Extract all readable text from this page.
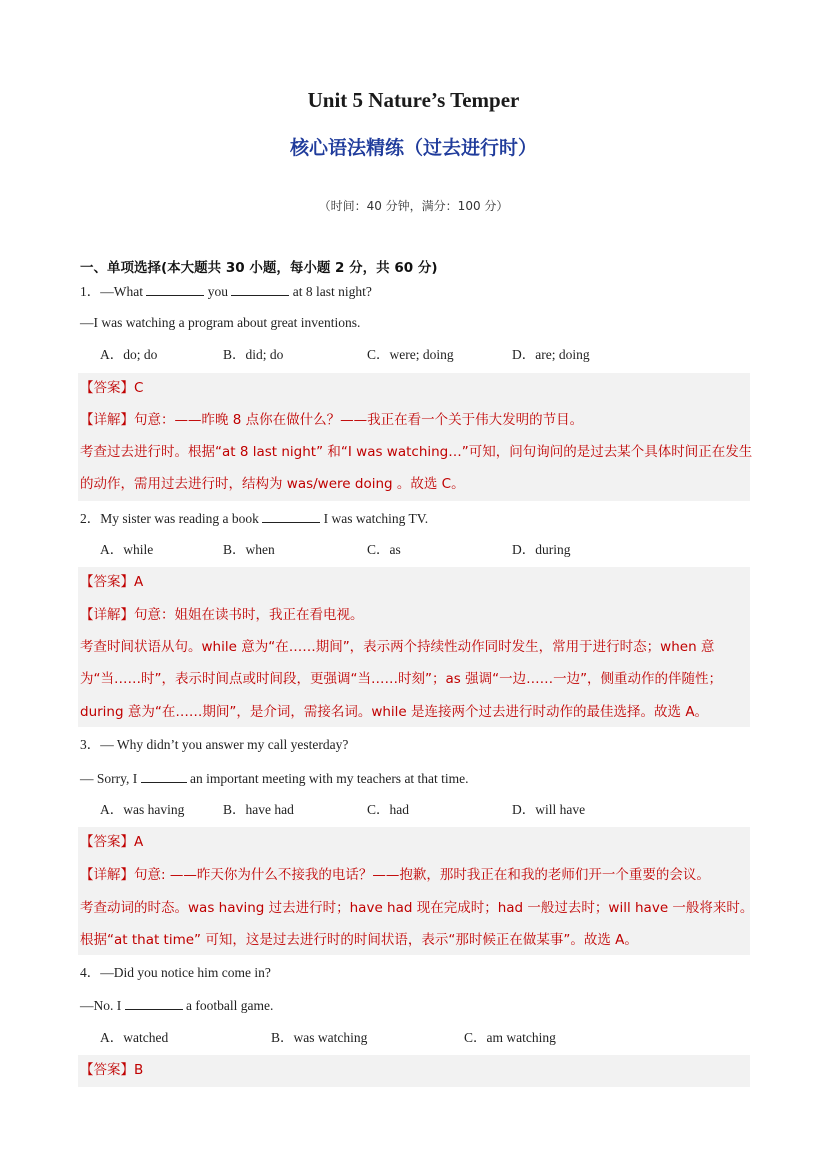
Unit 5 Nature’s Temper
核心语法精练（过去进行时）
（时间：40 分钟，满分：100 分）
一、单项选择(本大题共 30 小题，每小题 2 分，共 60 分)
1．—What	you	at 8 last night?
—I was watching a program about great inventions.
A．do; do	B．did; do	C．were; doing	D．are; doing
【答案】C
【详解】句意：——昨晚 8 点你在做什么？——我正在看一个关于伟大发明的节目。
考查过去进行时。根据“at 8 last night” 和“I was watching…”可知，问句询问的是过去某个具体时间正在发生
的动作，需用过去进行时，结构为 was/were doing 。故选 C。
2．My sister was reading a book	I was watching TV.
A．while	B．when	C．as	D．during
【答案】A
【详解】句意：姐姐在读书时，我正在看电视。
考查时间状语从句。while 意为“在……期间”，表示两个持续性动作同时发生，常用于进行时态；when 意
为“当……时”，表示时间点或时间段，更强调“当……时刻”；as 强调“一边……一边”，侧重动作的伴随性；
during 意为“在……期间”，是介词，需接名词。while 是连接两个过去进行时动作的最佳选择。故选 A。
3．— Why didn’t you answer my call yesterday?
— Sorry, I	an important meeting with my teachers at that time.
A．was having	B．have had	C．had	D．will have
【答案】A
【详解】句意: ——昨天你为什么不接我的电话？——抱歉，那时我正在和我的老师们开一个重要的会议。
考查动词的时态。was having 过去进行时；have had 现在完成时；had 一般过去时；will have 一般将来时。
根据“at that time” 可知，这是过去进行时的时间状语，表示“那时候正在做某事”。故选 A。
4．—Did you notice him come in?
—No. I	a football game.
A．watched	B．was watching	C．am watching
【答案】B
